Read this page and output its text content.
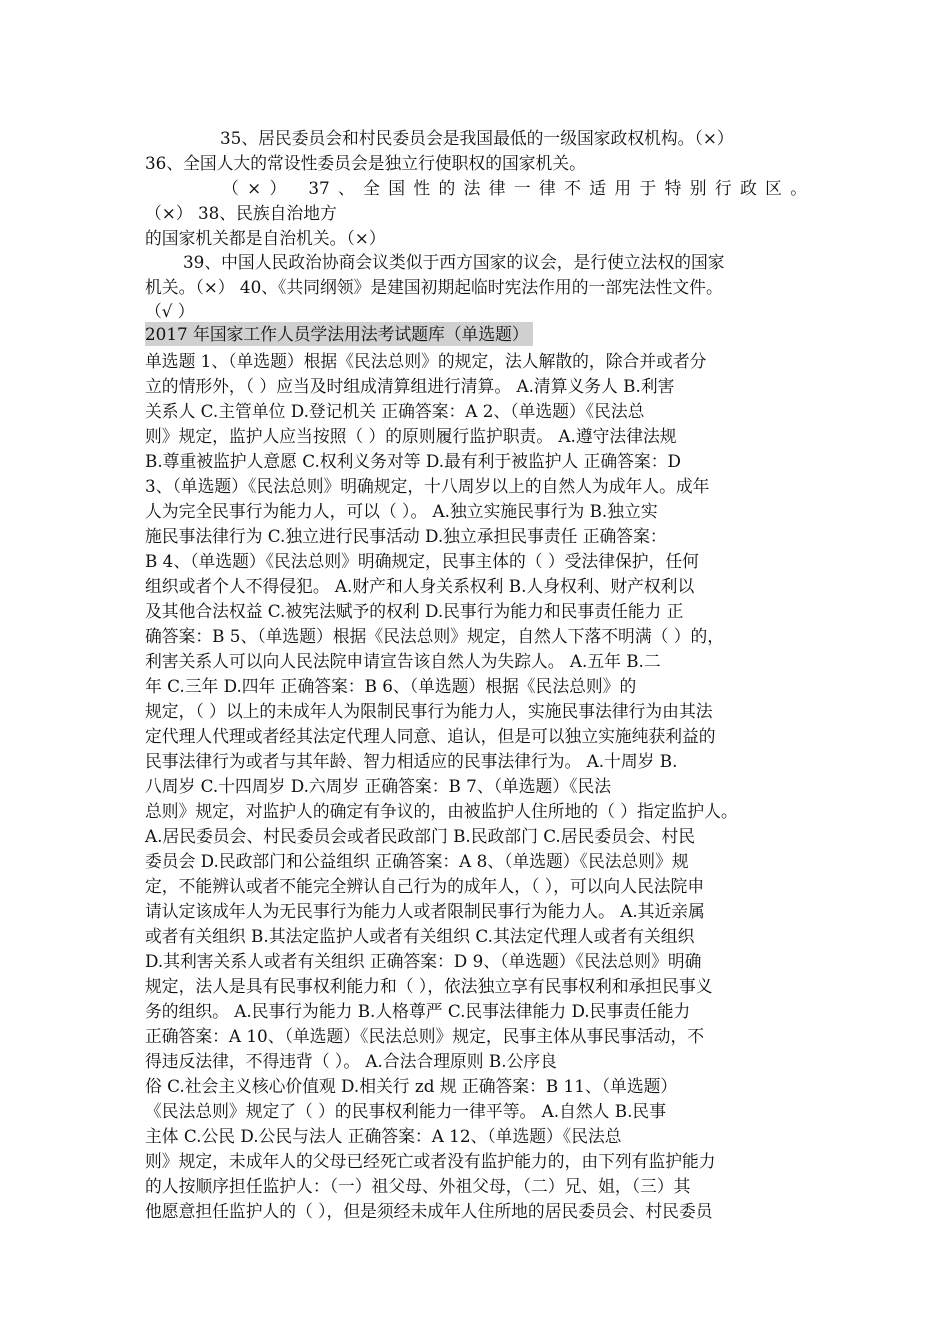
35、居民委员会和村民委员会是我国最低的一级国家政权机构。（×）
36、全国人大的常设性委员会是独立行使职权的国家机关。
（×） 37、全国性的法律一律不适用于特别行政区。
（×） 38、民族自治地方
的国家机关都是自治机关。（×）
39、中国人民政治协商会议类似于西方国家的议会，是行使立法权的国家
机关。（×） 40、《共同纲领》是建国初期起临时宪法作用的一部宪法性文件。
（√ ）
2017 年国家工作人员学法用法考试题库（单选题）
单选题 1、（单选题）根据《民法总则》的规定，法人解散的，除合并或者分
立的情形外，（ ）应当及时组成清算组进行清算。 A.清算义务人 B.利害
关系人 C.主管单位 D.登记机关 正确答案：A 2、（单选题）《民法总
则》规定，监护人应当按照（ ）的原则履行监护职责。 A.遵守法律法规
B.尊重被监护人意愿 C.权利义务对等 D.最有利于被监护人 正确答案：D
3、（单选题）《民法总则》明确规定，十八周岁以上的自然人为成年人。成年
人为完全民事行为能力人，可以（ ）。 A.独立实施民事行为 B.独立实
施民事法律行为 C.独立进行民事活动 D.独立承担民事责任 正确答案：
B 4、（单选题）《民法总则》明确规定，民事主体的（ ）受法律保护，任何
组织或者个人不得侵犯。 A.财产和人身关系权利 B.人身权利、财产权利以
及其他合法权益 C.被宪法赋予的权利 D.民事行为能力和民事责任能力 正
确答案：B 5、（单选题）根据《民法总则》规定，自然人下落不明满（ ）的，
利害关系人可以向人民法院申请宣告该自然人为失踪人。 A.五年 B.二
年 C.三年 D.四年 正确答案：B 6、（单选题）根据《民法总则》的
规定，（ ）以上的未成年人为限制民事行为能力人，实施民事法律行为由其法
定代理人代理或者经其法定代理人同意、追认，但是可以独立实施纯获利益的
民事法律行为或者与其年龄、智力相适应的民事法律行为。 A.十周岁 B.
八周岁 C.十四周岁 D.六周岁 正确答案：B 7、（单选题）《民法
总则》规定，对监护人的确定有争议的，由被监护人住所地的（ ）指定监护人。
A.居民委员会、村民委员会或者民政部门 B.民政部门 C.居民委员会、村民
委员会 D.民政部门和公益组织 正确答案：A 8、（单选题）《民法总则》规
定，不能辨认或者不能完全辨认自己行为的成年人，（ ），可以向人民法院申
请认定该成年人为无民事行为能力人或者限制民事行为能力人。 A.其近亲属
或者有关组织 B.其法定监护人或者有关组织 C.其法定代理人或者有关组织
D.其利害关系人或者有关组织 正确答案：D 9、（单选题）《民法总则》明确
规定，法人是具有民事权利能力和（ ），依法独立享有民事权利和承担民事义
务的组织。 A.民事行为能力 B.人格尊严 C.民事法律能力 D.民事责任能力
正确答案：A 10、（单选题）《民法总则》规定，民事主体从事民事活动，不
得违反法律，不得违背（ ）。 A.合法合理原则 B.公序良
俗 C.社会主义核心价值观 D.相关行 zd 规 正确答案：B 11、（单选题）
《民法总则》规定了（ ）的民事权利能力一律平等。 A.自然人 B.民事
主体 C.公民 D.公民与法人 正确答案：A 12、（单选题）《民法总
则》规定，未成年人的父母已经死亡或者没有监护能力的，由下列有监护能力
的人按顺序担任监护人：（一）祖父母、外祖父母，（二）兄、姐，（三）其
他愿意担任监护人的（ ），但是须经未成年人住所地的居民委员会、村民委员
